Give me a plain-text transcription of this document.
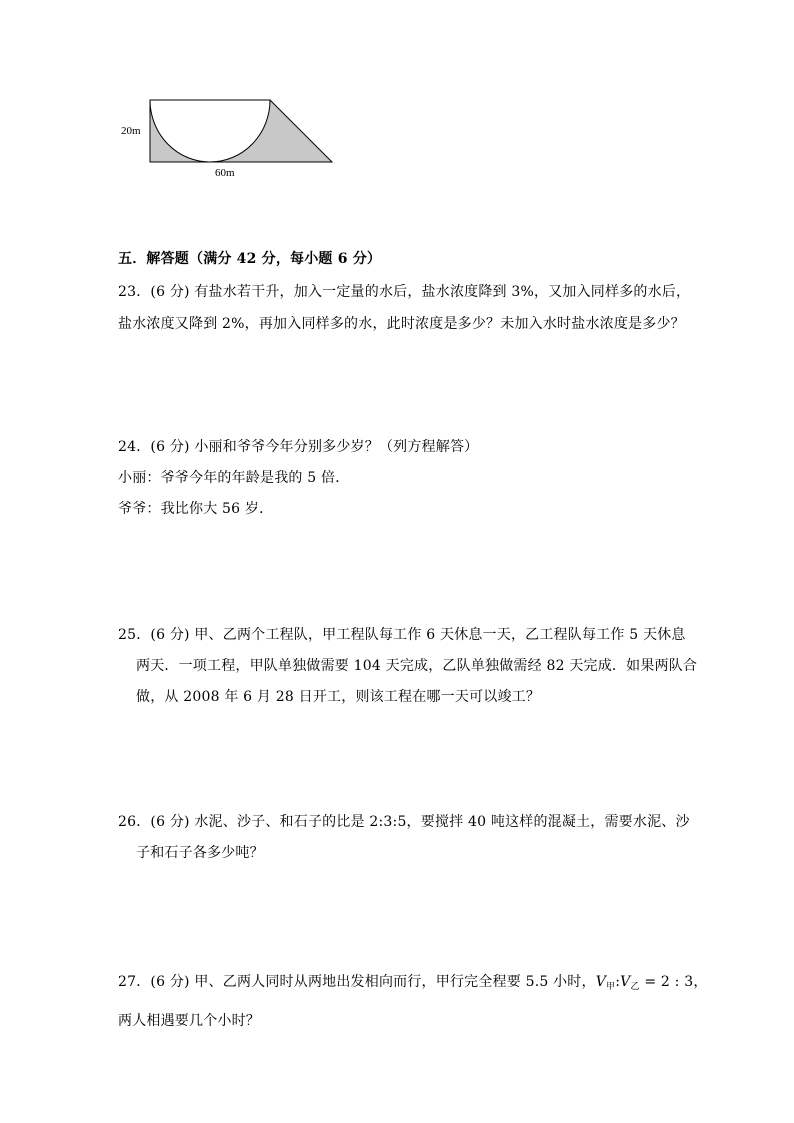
20m
60m
五．解答题（满分 42 分，每小题 6 分）
23．(6 分) 有盐水若干升，加入一定量的水后，盐水浓度降到 3%，又加入同样多的水后，
盐水浓度又降到 2%，再加入同样多的水，此时浓度是多少？未加入水时盐水浓度是多少？
24．(6 分) 小丽和爷爷今年分别多少岁？（列方程解答）
小丽：爷爷今年的年龄是我的 5 倍．
爷爷：我比你大 56 岁．
25．(6 分) 甲、乙两个工程队，甲工程队每工作 6 天休息一天，乙工程队每工作 5 天休息
两天．一项工程，甲队单独做需要 104 天完成，乙队单独做需经 82 天完成．如果两队合
做，从 2008 年 6 月 28 日开工，则该工程在哪一天可以竣工？
26．(6 分) 水泥、沙子、和石子的比是 2:3:5，要搅拌 40 吨这样的混凝土，需要水泥、沙
子和石子各多少吨？
27．(6 分) 甲、乙两人同时从两地出发相向而行，甲行完全程要 5.5 小时，$V_甲:V_乙 = 2$ : 3，
两人相遇要几个小时？
